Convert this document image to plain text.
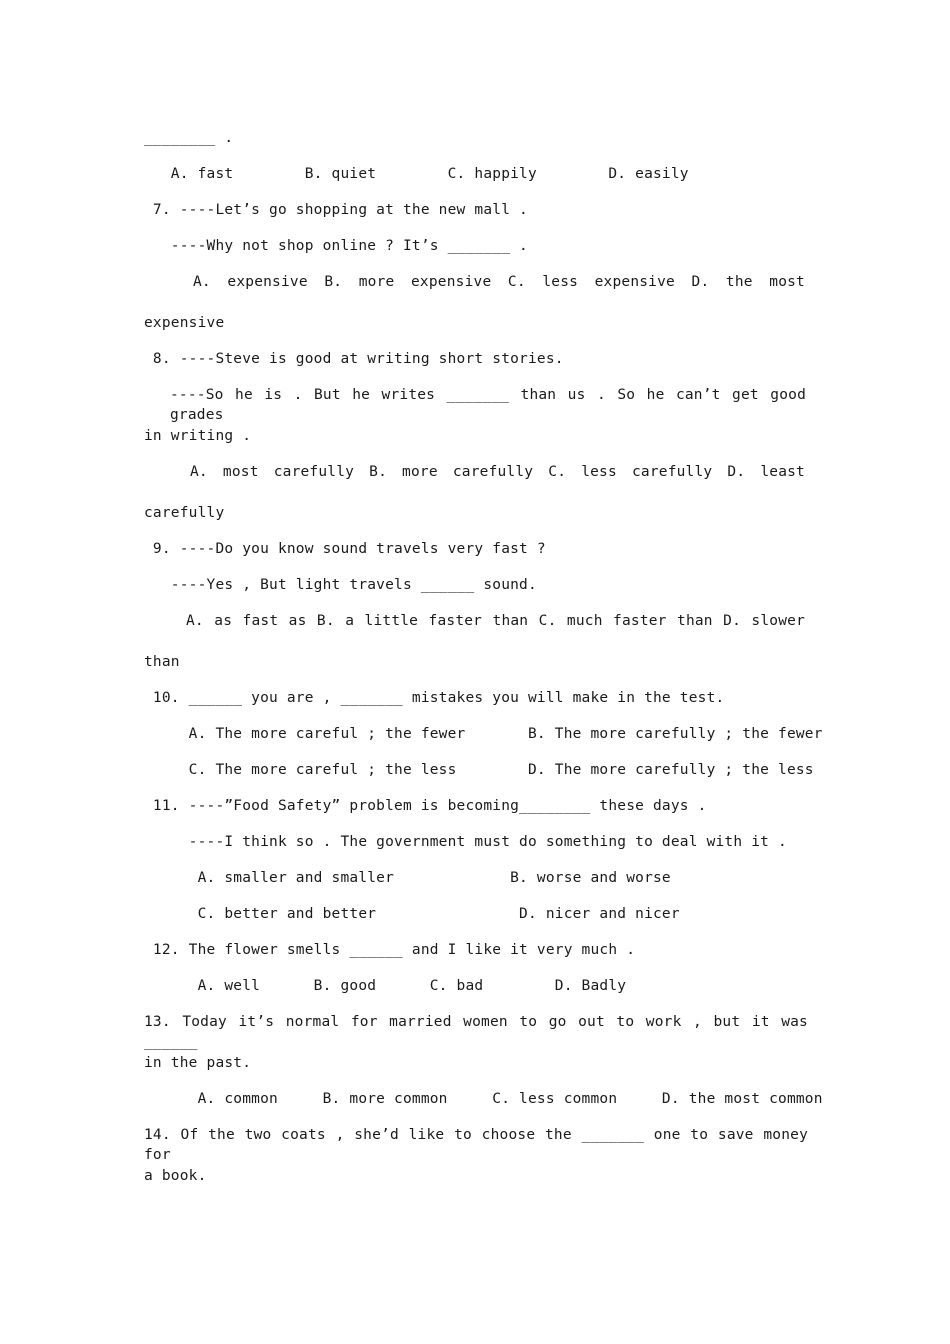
________ .

A. fast        B. quiet        C. happily        D. easily

7. ----Let’s go shopping at the new mall .

----Why not shop online ? It’s _______ .

A. expensive B. more expensive C. less expensive D. the most

expensive

8. ----Steve is good at writing short stories.

----So he is . But he writes _______ than us . So he can’t get good grades

in writing .

A. most carefully B. more carefully C. less carefully D. least

carefully

9. ----Do you know sound travels very fast ?

----Yes , But light travels ______ sound.

A. as fast as B. a little faster than C. much faster than D. slower

than

10. ______ you are , _______ mistakes you will make in the test.

A. The more careful ; the fewer       B. The more carefully ; the fewer

C. The more careful ; the less        D. The more carefully ; the less

11. ----”Food Safety” problem is becoming________ these days .

----I think so . The government must do something to deal with it .

A. smaller and smaller             B. worse and worse

C. better and better                D. nicer and nicer

12. The flower smells ______ and I like it very much .

A. well      B. good      C. bad        D. Badly

13. Today it’s normal for married women to go out to work , but it was ______

in the past.

A. common     B. more common     C. less common     D. the most common

14. Of the two coats , she’d like to choose the _______ one to save money for

a book.
